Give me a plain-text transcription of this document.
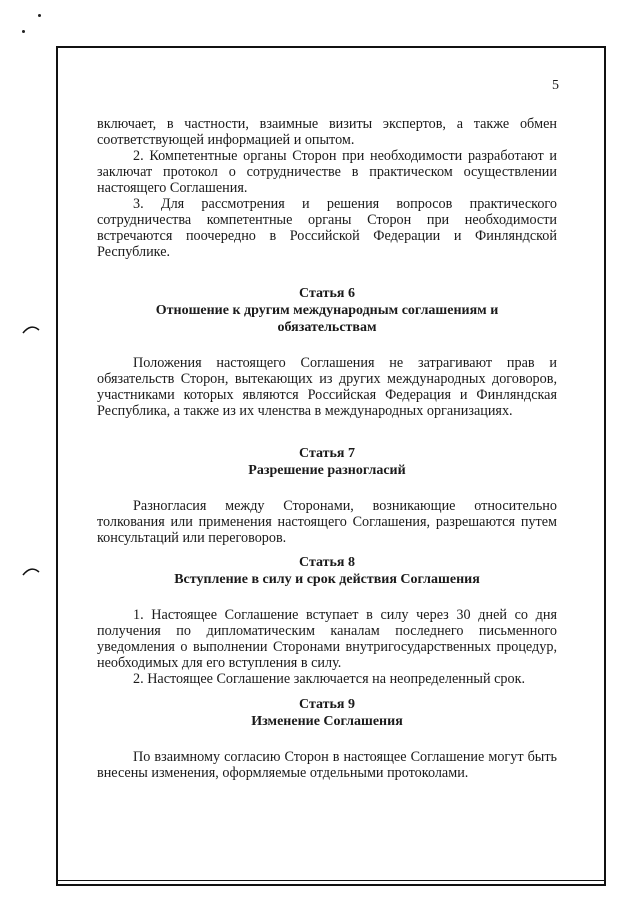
5

включает, в частности, взаимные визиты экспертов, а также обмен

соответствующей информацией и опытом.

2. Компетентные органы Сторон при необходимости разработают и заключат протокол о сотрудничестве в практическом осуществлении настоящего Соглашения.

3. Для рассмотрения и решения вопросов практического сотрудничества компетентные органы Сторон при необходимости встречаются поочередно в Российской Федерации и Финляндской Республике.

Статья 6
Отношение к другим международным соглашениям и
обязательствам

Положения настоящего Соглашения не затрагивают прав и обязательств Сторон, вытекающих из других международных договоров, участниками которых являются Российская Федерация и Финляндская Республика, а также из их членства в международных организациях.

Статья 7
Разрешение разногласий

Разногласия между Сторонами, возникающие относительно толкования или применения настоящего Соглашения, разрешаются путем консультаций или переговоров.

Статья 8
Вступление в силу и срок действия Соглашения

1. Настоящее Соглашение вступает в силу через 30 дней со дня получения по дипломатическим каналам последнего письменного уведомления о выполнении Сторонами внутригосударственных процедур, необходимых для его вступления в силу.

2. Настоящее Соглашение заключается на неопределенный срок.

Статья 9
Изменение Соглашения

По взаимному согласию Сторон в настоящее Соглашение могут быть внесены изменения, оформляемые отдельными протоколами.
